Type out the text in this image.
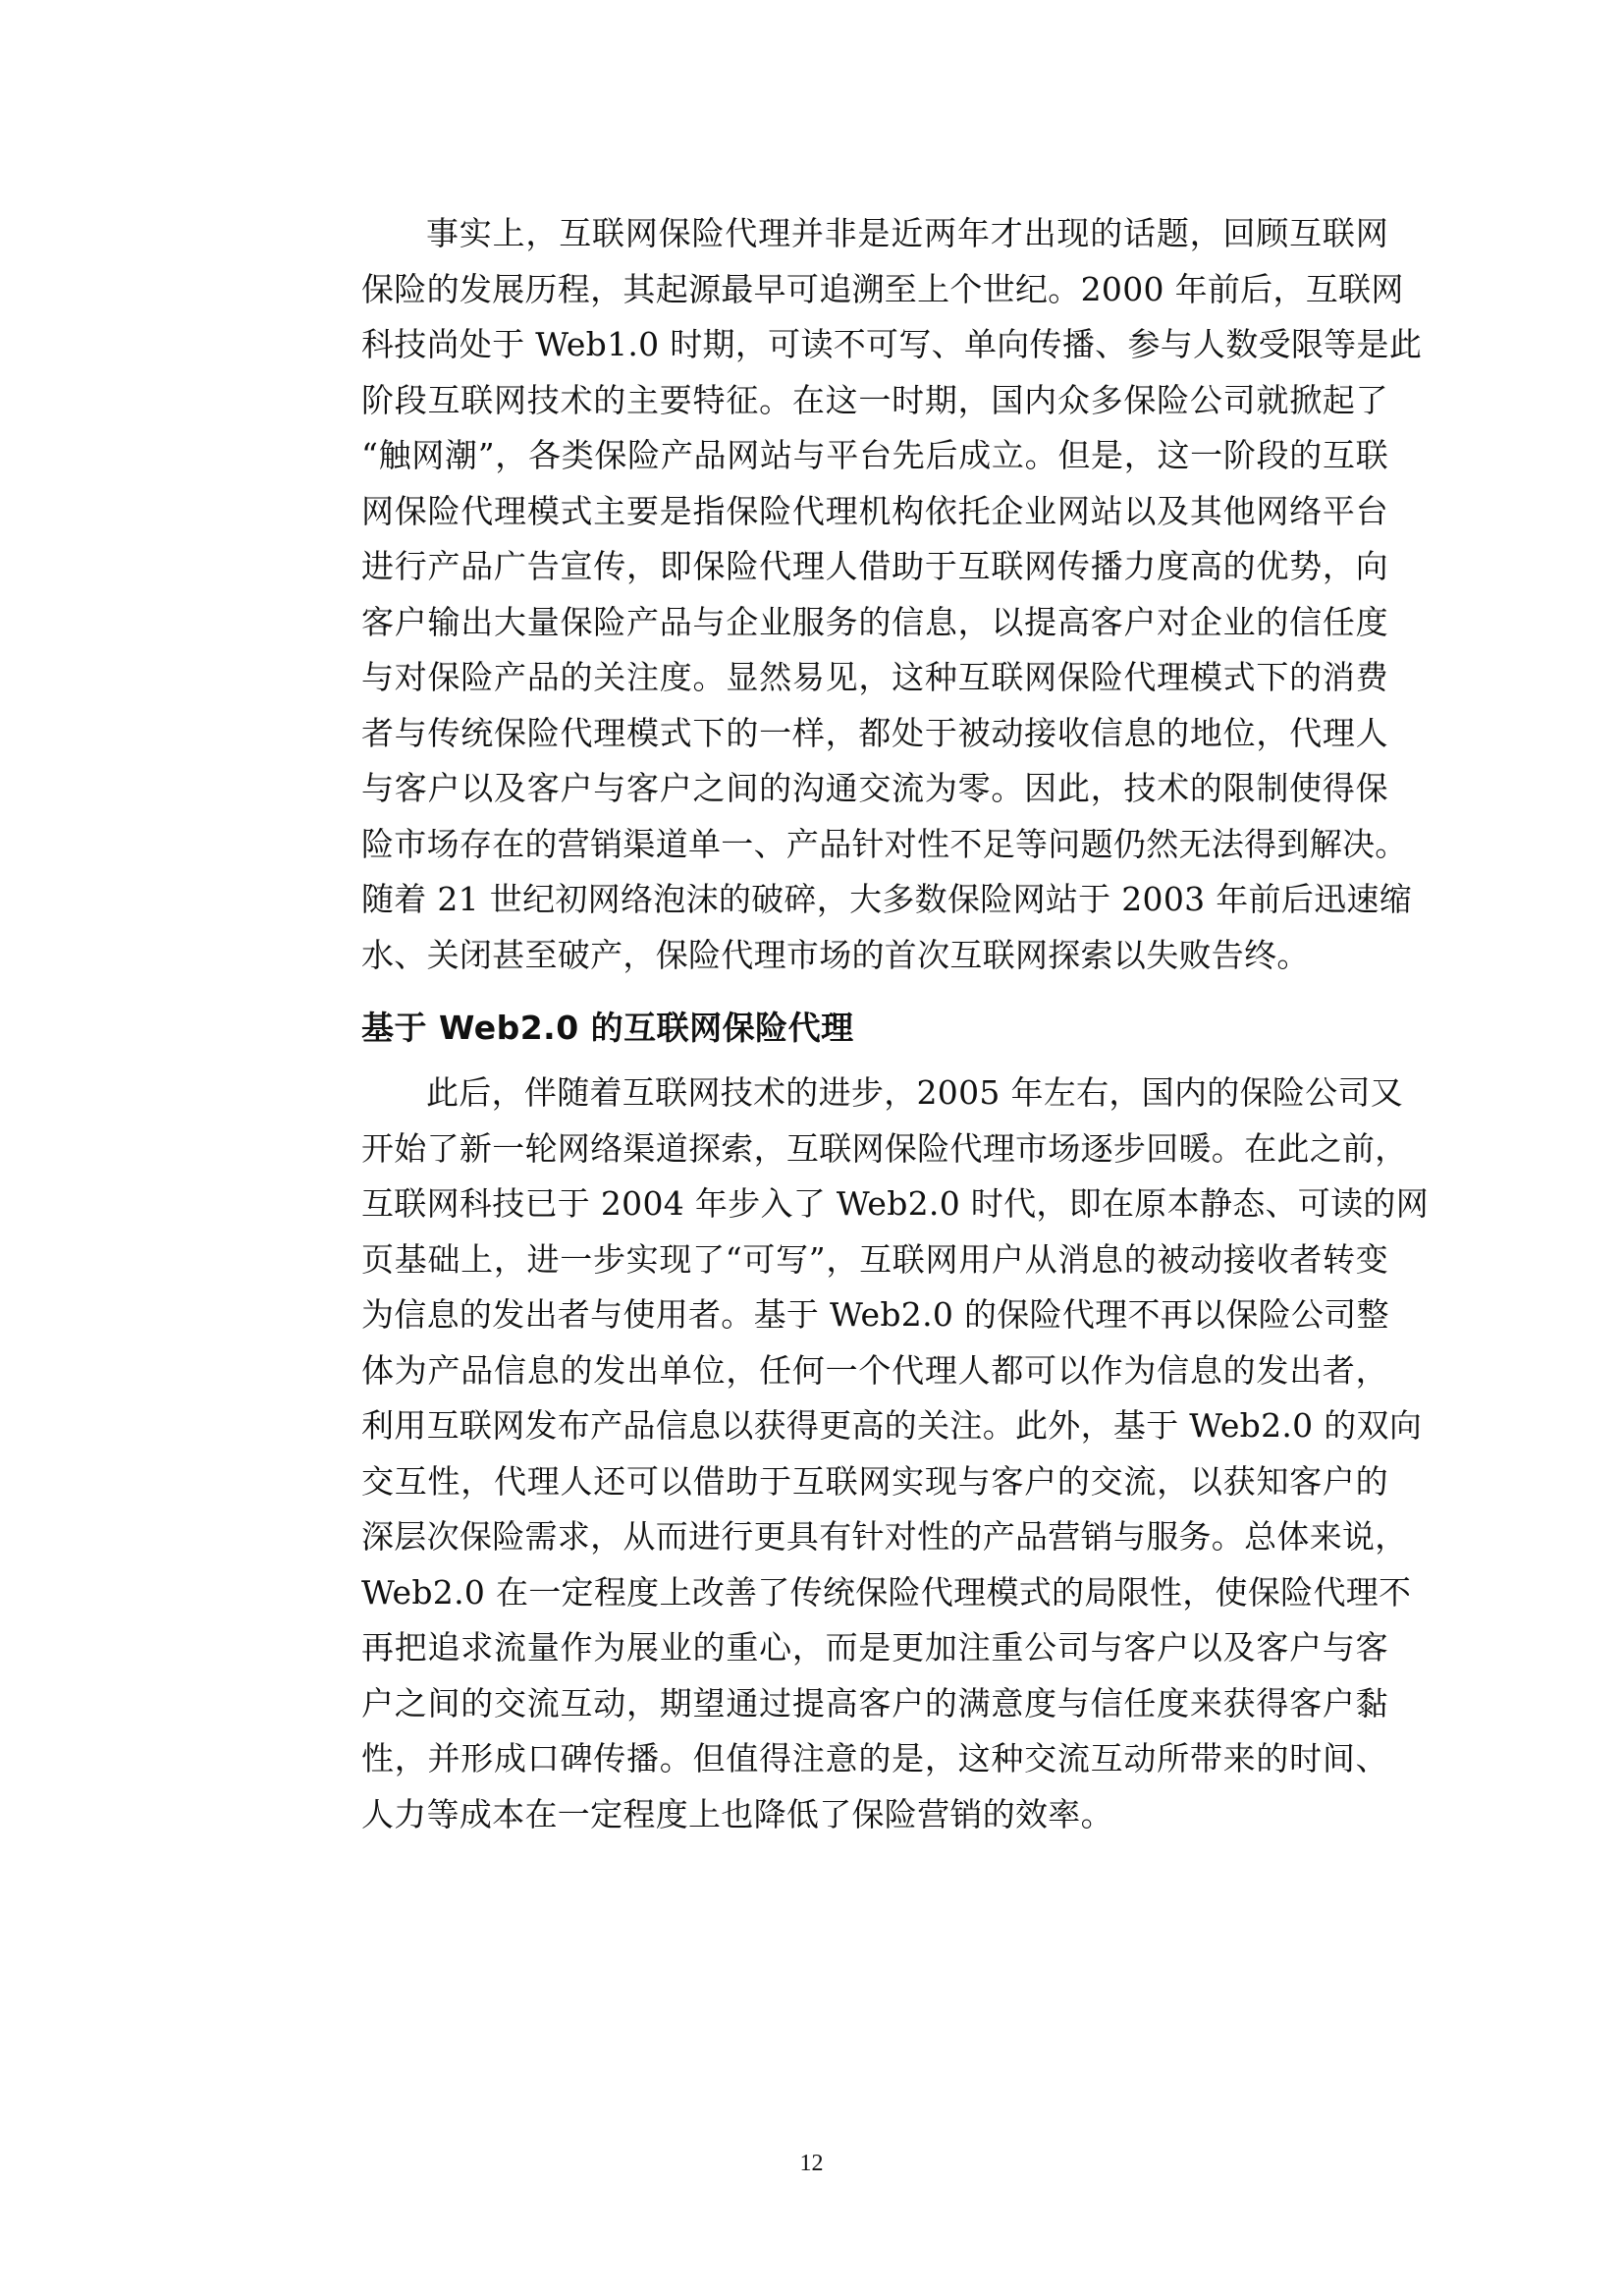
事实上，互联网保险代理并非是近两年才出现的话题，回顾互联网

保险的发展历程，其起源最早可追溯至上个世纪。2000 年前后，互联网

科技尚处于 Web1.0 时期，可读不可写、单向传播、参与人数受限等是此

阶段互联网技术的主要特征。在这一时期，国内众多保险公司就掀起了

“触网潮”，各类保险产品网站与平台先后成立。但是，这一阶段的互联

网保险代理模式主要是指保险代理机构依托企业网站以及其他网络平台

进行产品广告宣传，即保险代理人借助于互联网传播力度高的优势，向

客户输出大量保险产品与企业服务的信息，以提高客户对企业的信任度

与对保险产品的关注度。显然易见，这种互联网保险代理模式下的消费

者与传统保险代理模式下的一样，都处于被动接收信息的地位，代理人

与客户以及客户与客户之间的沟通交流为零。因此，技术的限制使得保

险市场存在的营销渠道单一、产品针对性不足等问题仍然无法得到解决。

随着 21 世纪初网络泡沫的破碎，大多数保险网站于 2003 年前后迅速缩

水、关闭甚至破产，保险代理市场的首次互联网探索以失败告终。

基于 Web2.0 的互联网保险代理

此后，伴随着互联网技术的进步，2005 年左右，国内的保险公司又

开始了新一轮网络渠道探索，互联网保险代理市场逐步回暖。在此之前，

互联网科技已于 2004 年步入了 Web2.0 时代，即在原本静态、可读的网

页基础上，进一步实现了“可写”，互联网用户从消息的被动接收者转变

为信息的发出者与使用者。基于 Web2.0 的保险代理不再以保险公司整

体为产品信息的发出单位，任何一个代理人都可以作为信息的发出者，

利用互联网发布产品信息以获得更高的关注。此外，基于 Web2.0 的双向

交互性，代理人还可以借助于互联网实现与客户的交流，以获知客户的

深层次保险需求，从而进行更具有针对性的产品营销与服务。总体来说，

Web2.0 在一定程度上改善了传统保险代理模式的局限性，使保险代理不

再把追求流量作为展业的重心，而是更加注重公司与客户以及客户与客

户之间的交流互动，期望通过提高客户的满意度与信任度来获得客户黏

性，并形成口碑传播。但值得注意的是，这种交流互动所带来的时间、

人力等成本在一定程度上也降低了保险营销的效率。

12
